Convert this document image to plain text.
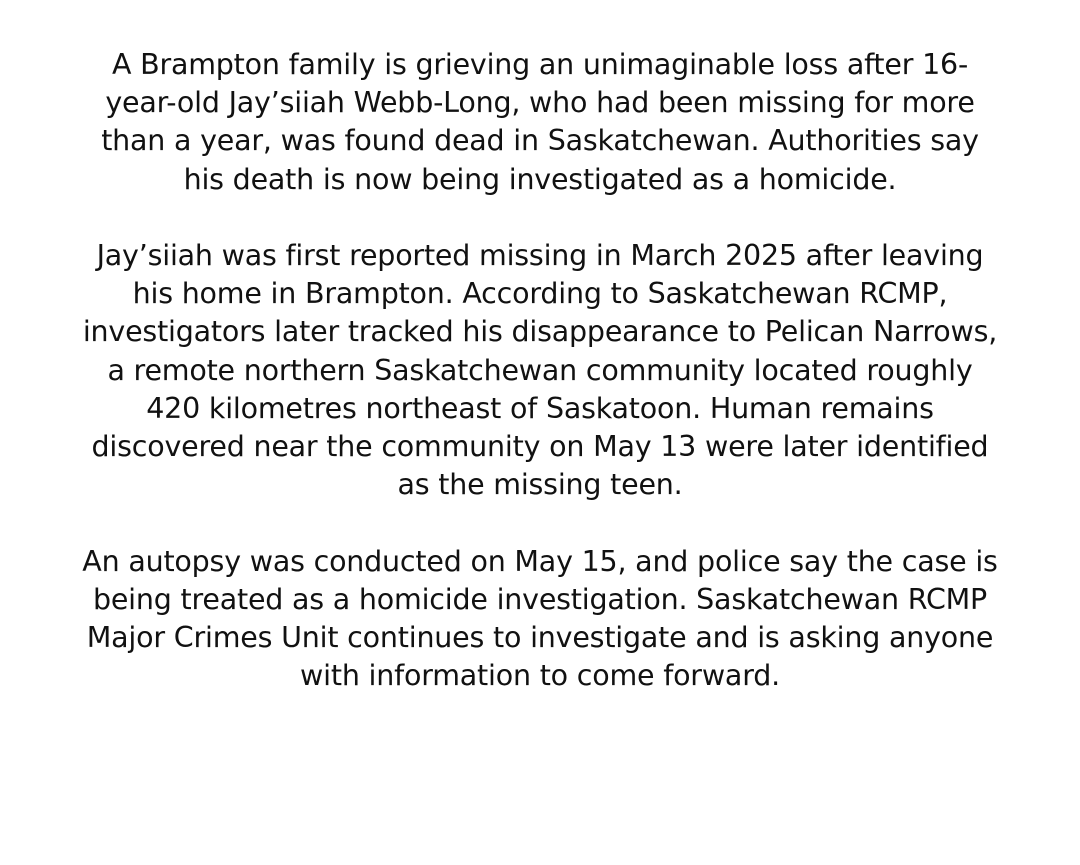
A Brampton family is grieving an unimaginable loss after 16-year-old Jay’siiah Webb-Long, who had been missing for more than a year, was found dead in Saskatchewan. Authorities say his death is now being investigated as a homicide.

Jay’siiah was first reported missing in March 2025 after leaving his home in Brampton. According to Saskatchewan RCMP, investigators later tracked his disappearance to Pelican Narrows, a remote northern Saskatchewan community located roughly 420 kilometres northeast of Saskatoon. Human remains discovered near the community on May 13 were later identified as the missing teen.

An autopsy was conducted on May 15, and police say the case is being treated as a homicide investigation. Saskatchewan RCMP Major Crimes Unit continues to investigate and is asking anyone with information to come forward.
